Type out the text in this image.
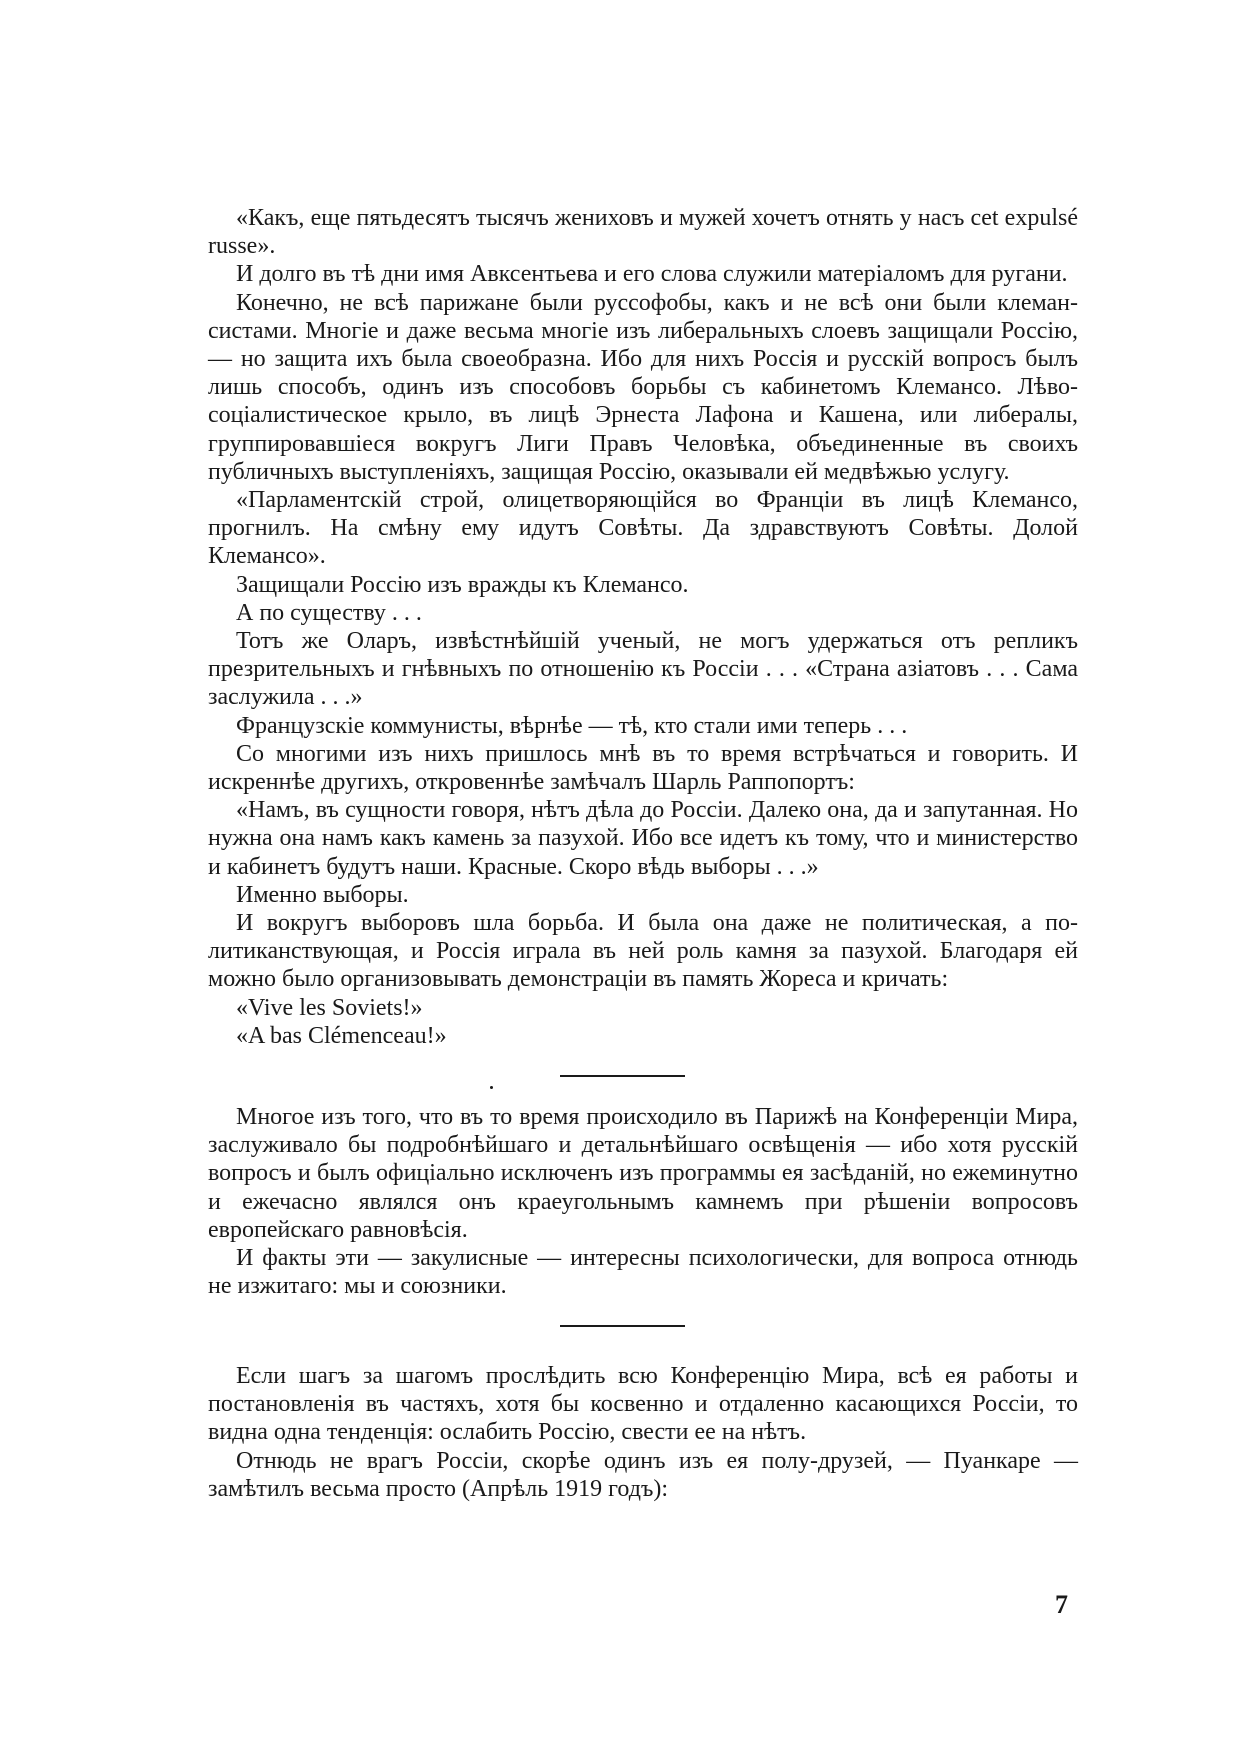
«Какъ, еще пятьдесятъ тысячъ жениховъ и мужей хочетъ отнять у насъ cet expulsé russe».

И долго въ тѣ дни имя Авксентьева и его слова служили матеріаломъ для ругани.

Конечно, не всѣ парижане были руссофобы, какъ и не всѣ они были клемансистами. Многіе и даже весьма многіе изъ либеральныхъ слоевъ защищали Россію, — но защита ихъ была своеобразна. Ибо для нихъ Россія и русскій вопросъ былъ лишь способъ, одинъ изъ способовъ борьбы съ кабинетомъ Клемансо. Лѣво-соціалистическое крыло, въ лицѣ Эрнеста Лафона и Кашена, или либералы, группировавшіеся вокругъ Лиги Правъ Человѣка, объединенные въ своихъ публичныхъ выступленіяхъ, защищая Россію, оказывали ей медвѣжью услугу.

«Парламентскій строй, олицетворяющійся во Франціи въ лицѣ Клемансо, прогнилъ. На смѣну ему идутъ Совѣты. Да здравствуютъ Совѣты. Долой Клемансо».

Защищали Россію изъ вражды къ Клемансо.

А по существу . . .

Тотъ же Оларъ, извѣстнѣйшій ученый, не могъ удержаться отъ репликъ презрительныхъ и гнѣвныхъ по отношенію къ Россіи . . . «Страна азіатовъ . . . Сама заслужила . . .»

Французскіе коммунисты, вѣрнѣе — тѣ, кто стали ими теперь . . .

Со многими изъ нихъ пришлось мнѣ въ то время встрѣчаться и говорить. И искреннѣе другихъ, откровеннѣе замѣчалъ Шарль Раппопортъ:

«Намъ, въ сущности говоря, нѣтъ дѣла до Россіи. Далеко она, да и запутанная. Но нужна она намъ какъ камень за пазухой. Ибо все идетъ къ тому, что и министерство и кабинетъ будутъ наши. Красные. Скоро вѣдь выборы . . .»

Именно выборы.

И вокругъ выборовъ шла борьба. И была она даже не политическая, а политиканствующая, и Россія играла въ ней роль камня за пазухой. Благодаря ей можно было организовывать демонстраціи въ память Жореса и кричать:

«Vive les Soviets!»

«A bas Clémenceau!»

Многое изъ того, что въ то время происходило въ Парижѣ на Конференціи Мира, заслуживало бы подробнѣйшаго и детальнѣйшаго освѣщенія — ибо хотя русскій вопросъ и былъ офиціально исключенъ изъ программы ея засѣданій, но ежеминутно и ежечасно являлся онъ краеугольнымъ камнемъ при рѣшеніи вопросовъ европейскаго равновѣсія.

И факты эти — закулисные — интересны психологически, для вопроса отнюдь не изжитаго: мы и союзники.

Если шагъ за шагомъ прослѣдить всю Конференцію Мира, всѣ ея работы и постановленія въ частяхъ, хотя бы косвенно и отдаленно касающихся Россіи, то видна одна тенденція: ослабить Россію, свести ее на нѣтъ.

Отнюдь не врагъ Россіи, скорѣе одинъ изъ ея полу-друзей, — Пуанкаре — замѣтилъ весьма просто (Апрѣль 1919 годъ):

7
